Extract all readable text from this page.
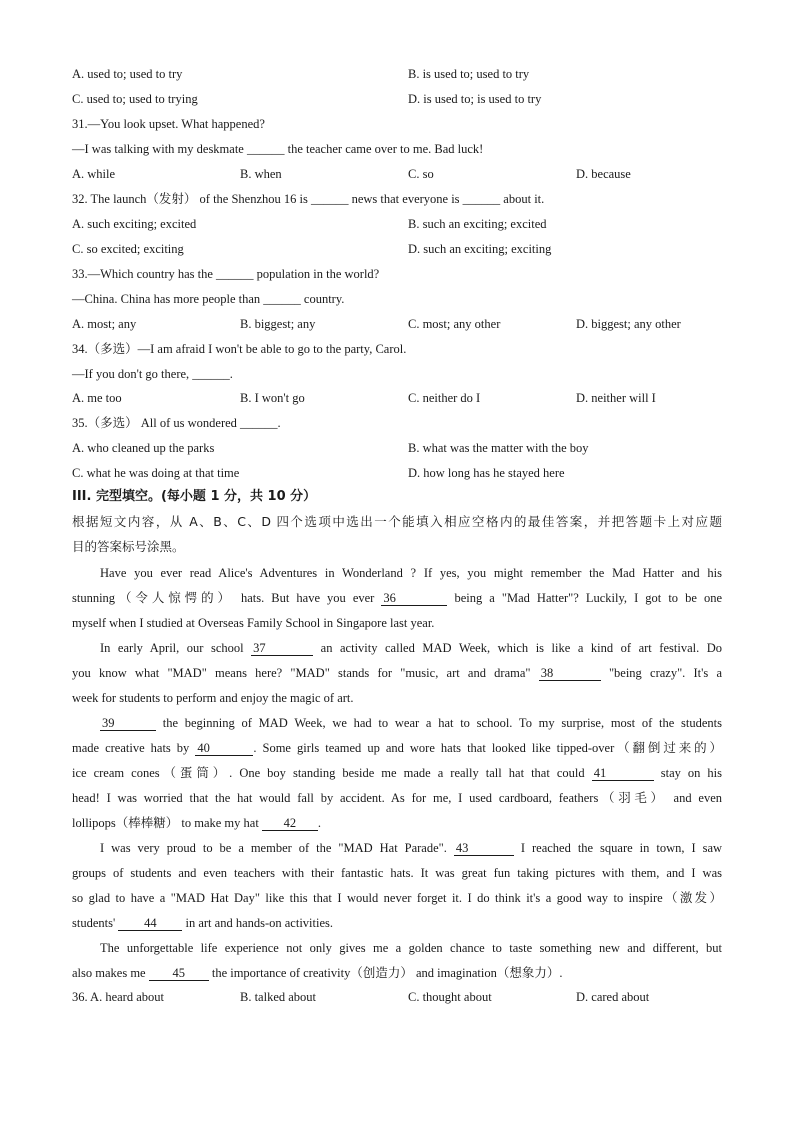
A. used to; used to try	B. is used to; used to try
C. used to; used to trying	D. is used to; is used to try
31.—You look upset. What happened?
—I was talking with my deskmate ______ the teacher came over to me. Bad luck!
A. while	B. when	C. so	D. because
32. The launch（发射） of the Shenzhou 16 is ______ news that everyone is ______ about it.
A. such exciting; excited	B. such an exciting; excited
C. so excited; exciting	D. such an exciting; exciting
33.—Which country has the ______ population in the world?
—China. China has more people than ______ country.
A. most; any	B. biggest; any	C. most; any other	D. biggest; any other
34.（多选）—I am afraid I won't be able to go to the party, Carol.
—If you don't go there, ______.
A. me too	B. I won't go	C. neither do I	D. neither will I
35.（多选） All of us wondered ______.
A. who cleaned up the parks	B. what was the matter with the boy
C. what he was doing at that time	D. how long has he stayed here
III. 完型填空。(每小题 1 分，共 10 分）
根据短文内容，从 A、B、C、D 四个选项中选出一个能填入相应空格内的最佳答案，并把答题卡上对应题
目的答案标号涂黑。
Have you ever read Alice's Adventures in Wonderland ? If yes, you might remember the Mad Hatter and his
stunning（令人惊愕的） hats. But have you ever 36	being a "Mad Hatter"? Luckily, I got to be one
myself when I studied at Overseas Family School in Singapore last year.
In early April, our school 37	an activity called MAD Week, which is like a kind of art festival. Do
you know what "MAD" means here? "MAD" stands for "music, art and drama" 38	"being crazy". It's a
week for students to perform and enjoy the magic of art.
39	the beginning of MAD Week, we had to wear a hat to school. To my surprise, most of the students
made creative hats by 40	. Some girls teamed up and wore hats that looked like tipped-over（翻倒过来的）
ice cream cones（蛋筒）. One boy standing beside me made a really tall hat that could 41	stay on his
head! I was worried that the hat would fall by accident. As for me, I used cardboard, feathers（羽毛） and even
lollipops（棒棒糖） to make my hat 42 .
I was very proud to be a member of the "MAD Hat Parade". 43	I reached the square in town, I saw
groups of students and even teachers with their fantastic hats. It was great fun taking pictures with them, and I was
so glad to have a "MAD Hat Day" like this that I would never forget it. I do think it's a good way to inspire（激发）
students' 44 in art and hands-on activities.
The unforgettable life experience not only gives me a golden chance to taste something new and different, but
also makes me 45 the importance of creativity（创造力） and imagination（想象力）.
36. A. heard about	B. talked about	C. thought about	D. cared about
